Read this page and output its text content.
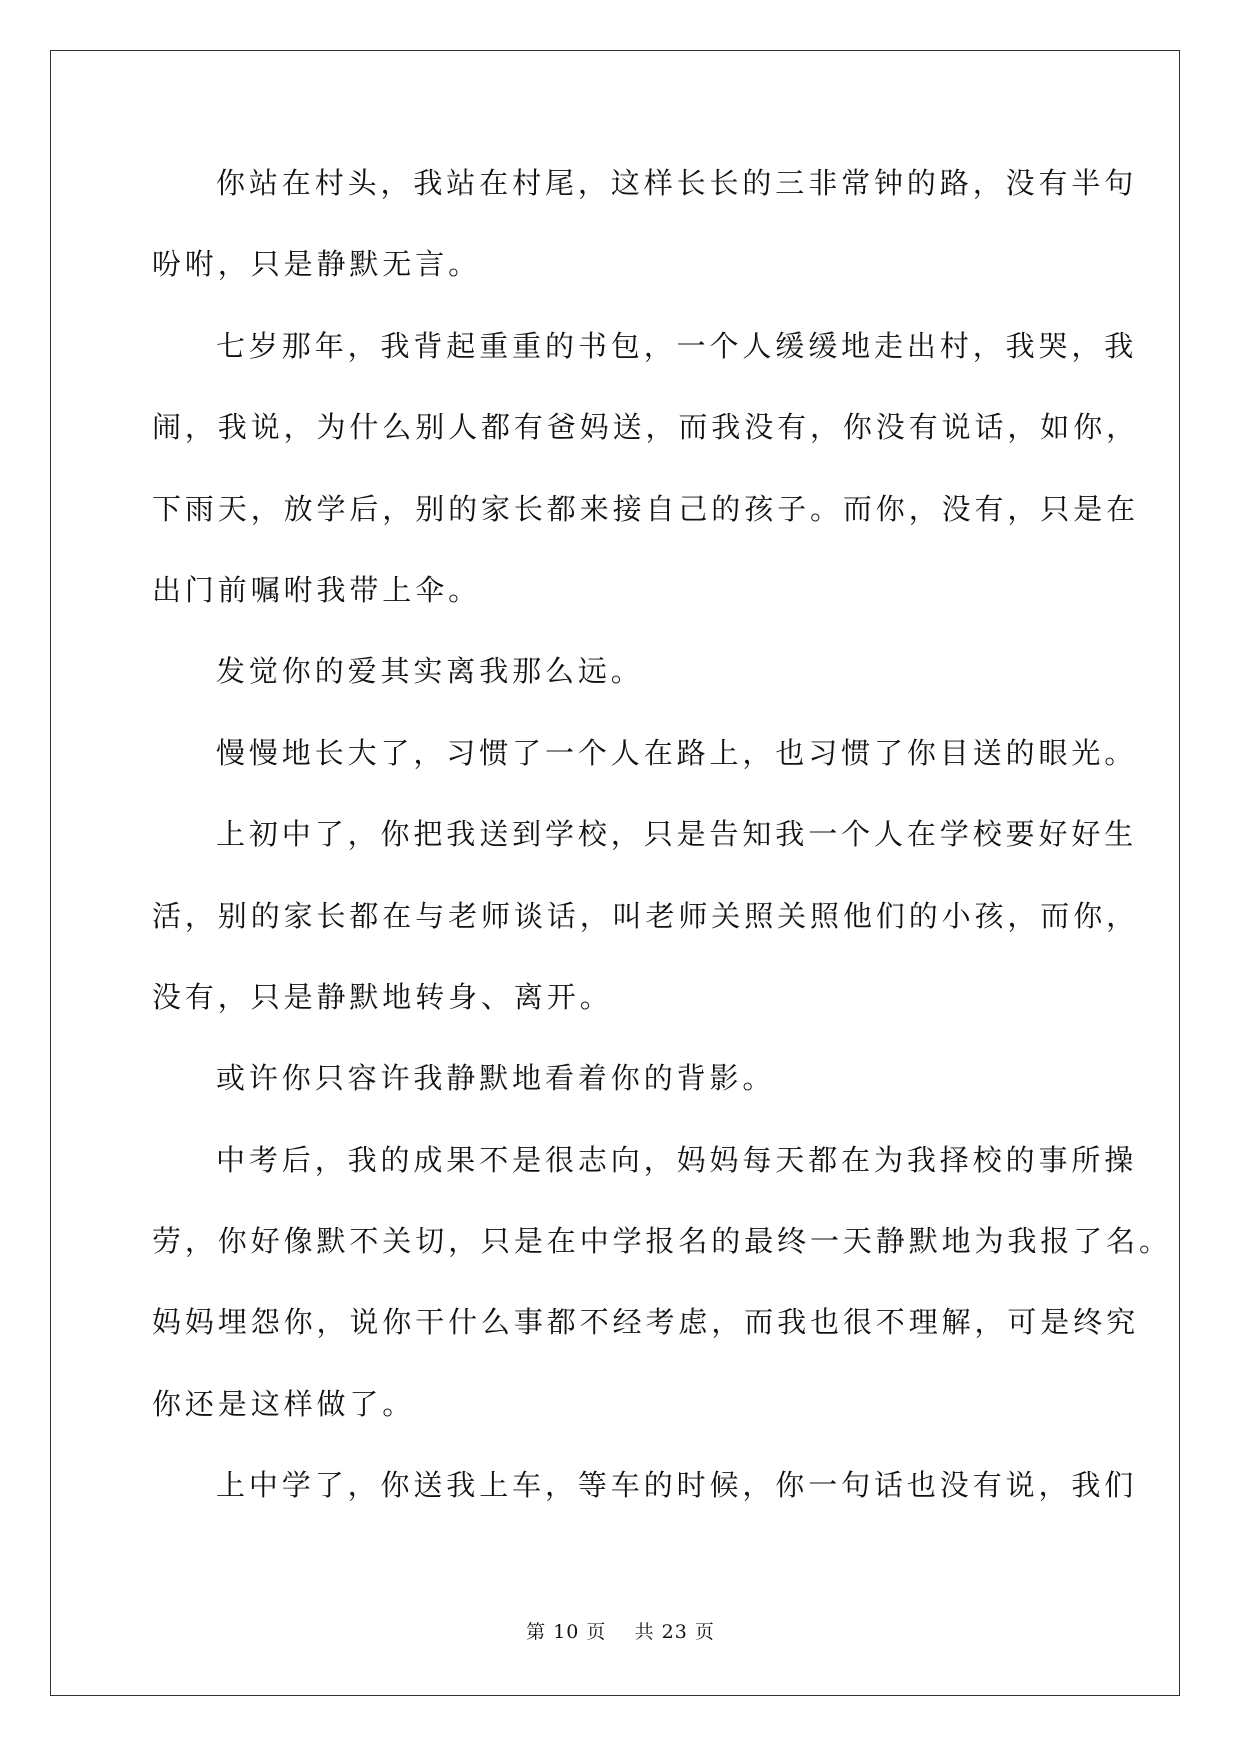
你站在村头，我站在村尾，这样长长的三非常钟的路，没有半句
吩咐，只是静默无言。
七岁那年，我背起重重的书包，一个人缓缓地走出村，我哭，我
闹，我说，为什么别人都有爸妈送，而我没有，你没有说话，如你，
下雨天，放学后，别的家长都来接自己的孩子。而你，没有，只是在
出门前嘱咐我带上伞。
发觉你的爱其实离我那么远。
慢慢地长大了，习惯了一个人在路上，也习惯了你目送的眼光。
上初中了，你把我送到学校，只是告知我一个人在学校要好好生
活，别的家长都在与老师谈话，叫老师关照关照他们的小孩，而你，
没有，只是静默地转身、离开。
或许你只容许我静默地看着你的背影。
中考后，我的成果不是很志向，妈妈每天都在为我择校的事所操
劳，你好像默不关切，只是在中学报名的最终一天静默地为我报了名。
妈妈埋怨你，说你干什么事都不经考虑，而我也很不理解，可是终究
你还是这样做了。
上中学了，你送我上车，等车的时候，你一句话也没有说，我们
第 10 页    共 23 页
